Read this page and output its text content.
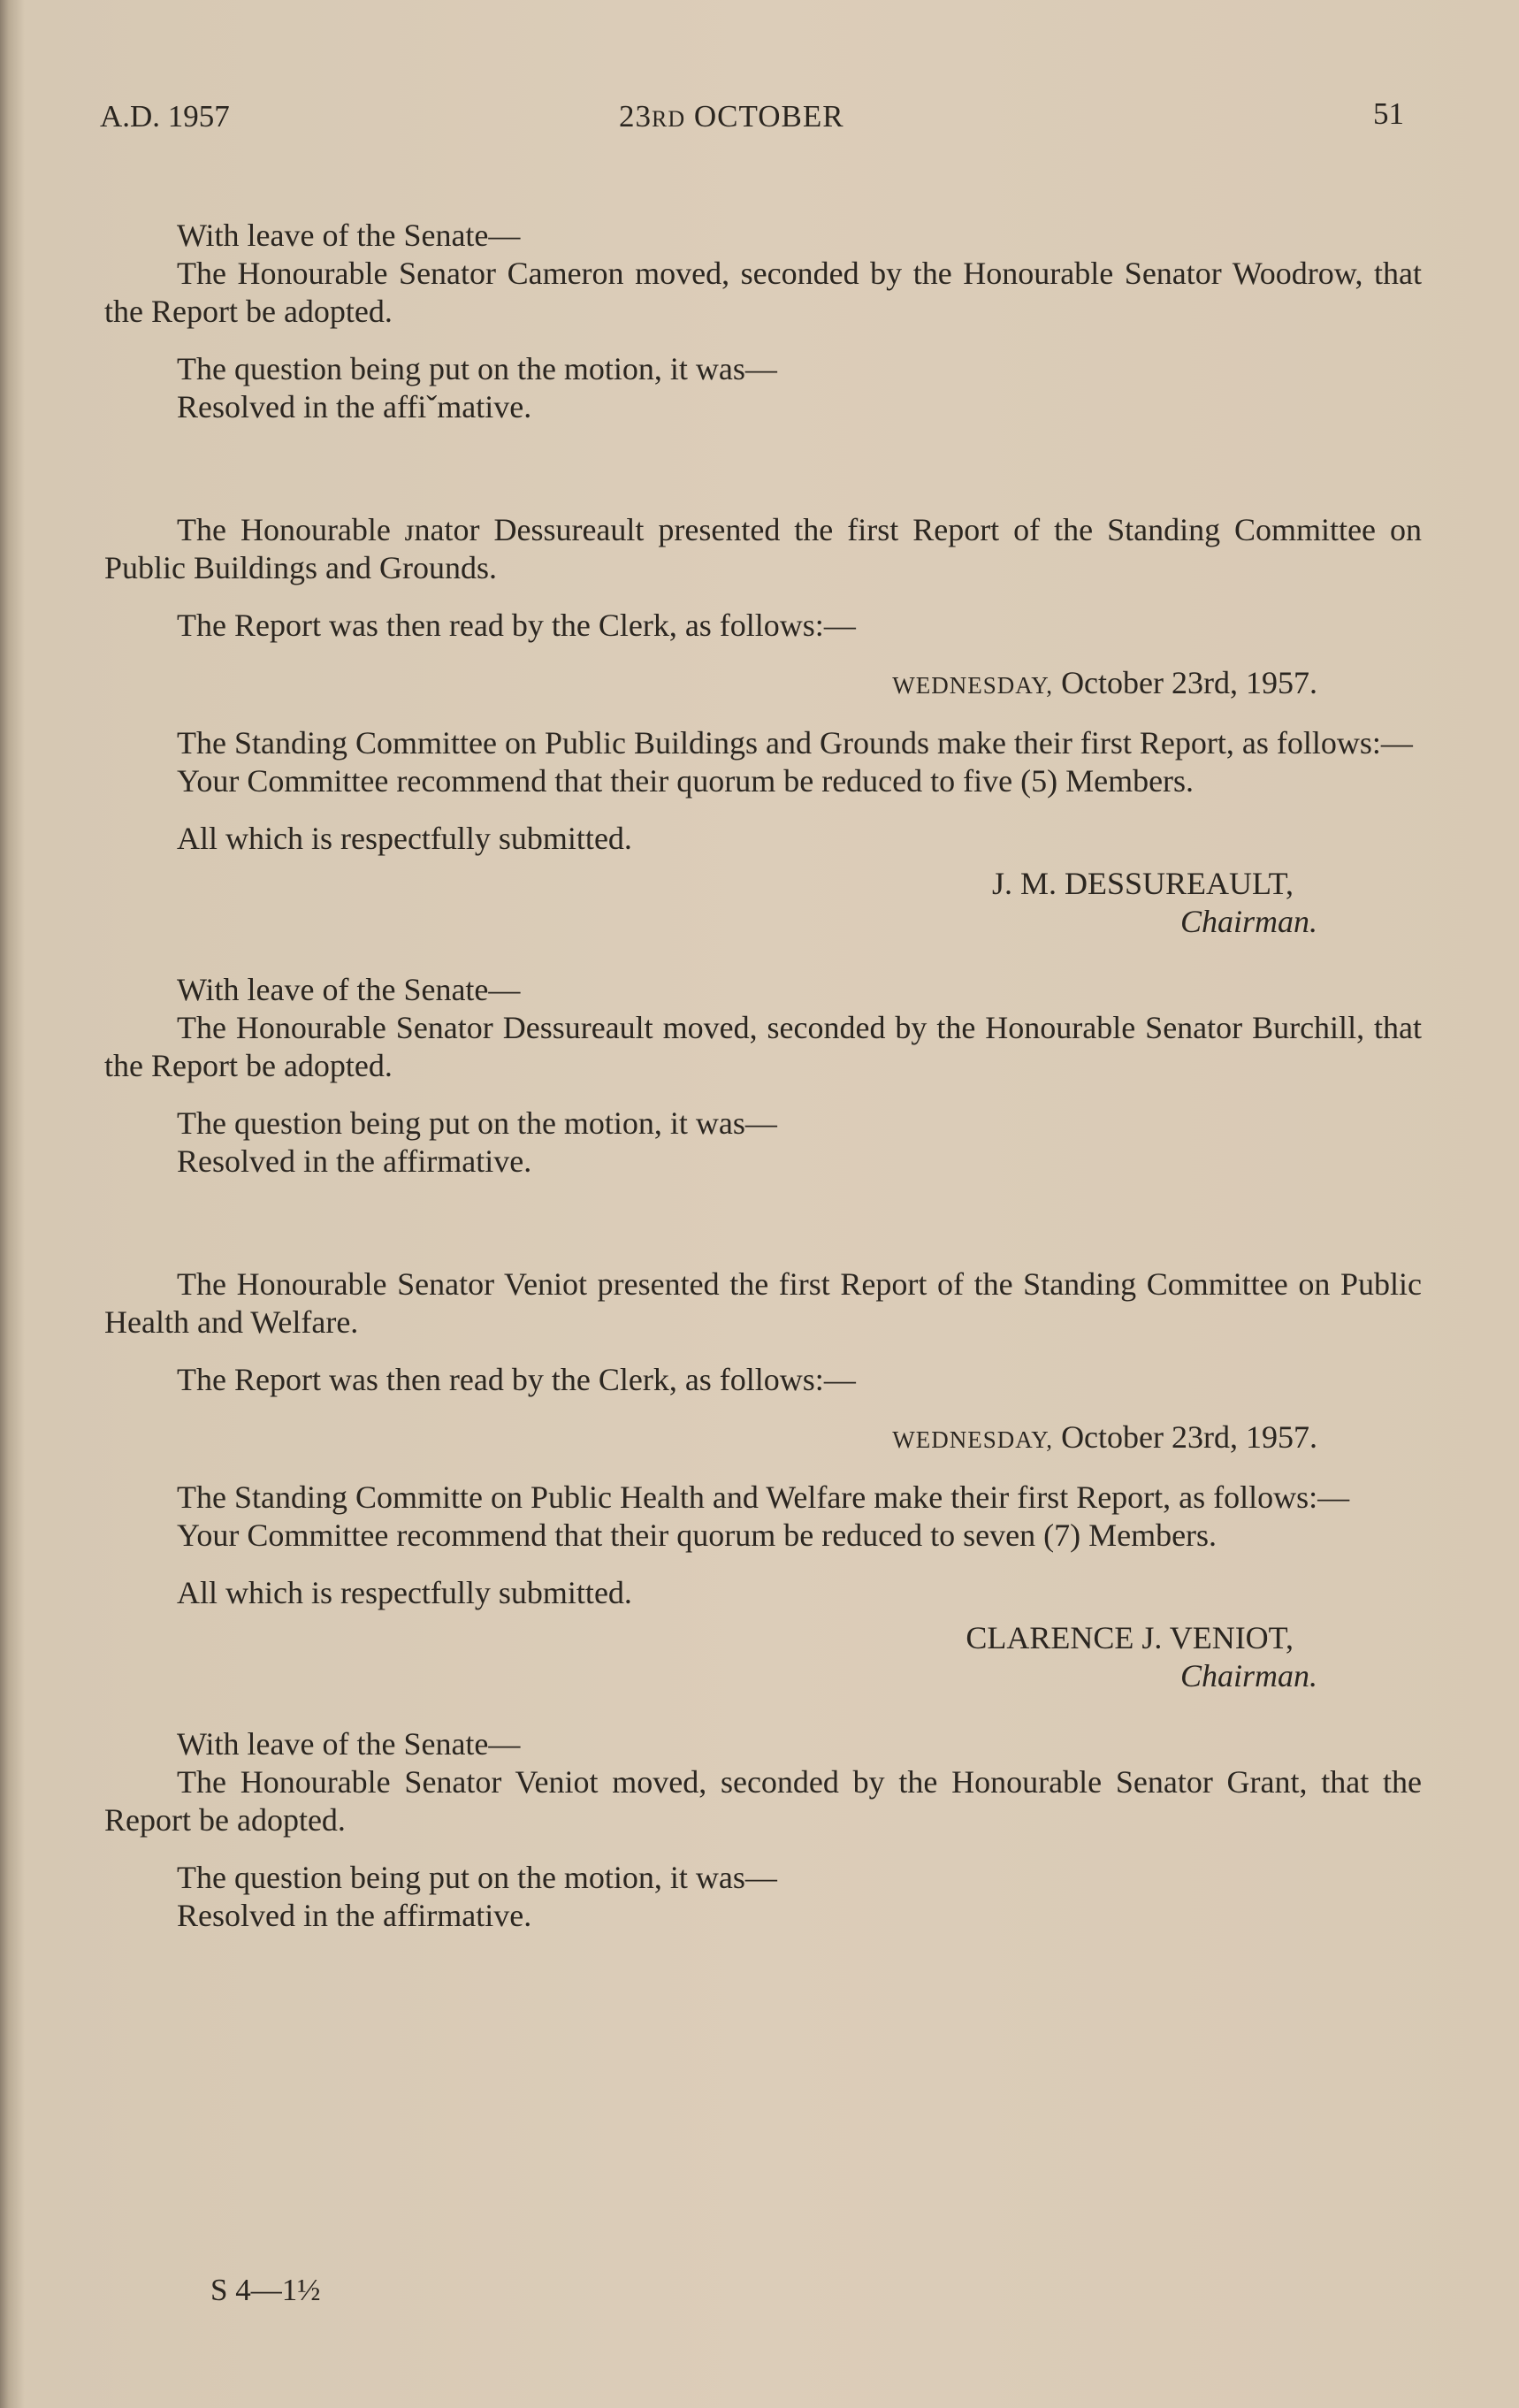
A.D. 1957	23RD OCTOBER	51

With leave of the Senate—

The Honourable Senator Cameron moved, seconded by the Honourable Senator Woodrow, that the Report be adopted.

The question being put on the motion, it was—

Resolved in the affiˇmative.

The Honourable ᴊnator Dessureault presented the first Report of the Standing Committee on Public Buildings and Grounds.

The Report was then read by the Clerk, as follows:—

WEDNESDAY, October 23rd, 1957.

The Standing Committee on Public Buildings and Grounds make their first Report, as follows:—

Your Committee recommend that their quorum be reduced to five (5) Members.

All which is respectfully submitted.

J. M. DESSUREAULT,

Chairman.

With leave of the Senate—

The Honourable Senator Dessureault moved, seconded by the Honourable Senator Burchill, that the Report be adopted.

The question being put on the motion, it was—

Resolved in the affirmative.

The Honourable Senator Veniot presented the first Report of the Standing Committee on Public Health and Welfare.

The Report was then read by the Clerk, as follows:—

WEDNESDAY, October 23rd, 1957.

The Standing Committe on Public Health and Welfare make their first Report, as follows:—

Your Committee recommend that their quorum be reduced to seven (7) Members.

All which is respectfully submitted.

CLARENCE J. VENIOT,

Chairman.

With leave of the Senate—

The Honourable Senator Veniot moved, seconded by the Honourable Senator Grant, that the Report be adopted.

The question being put on the motion, it was—

Resolved in the affirmative.

S 4—1½
